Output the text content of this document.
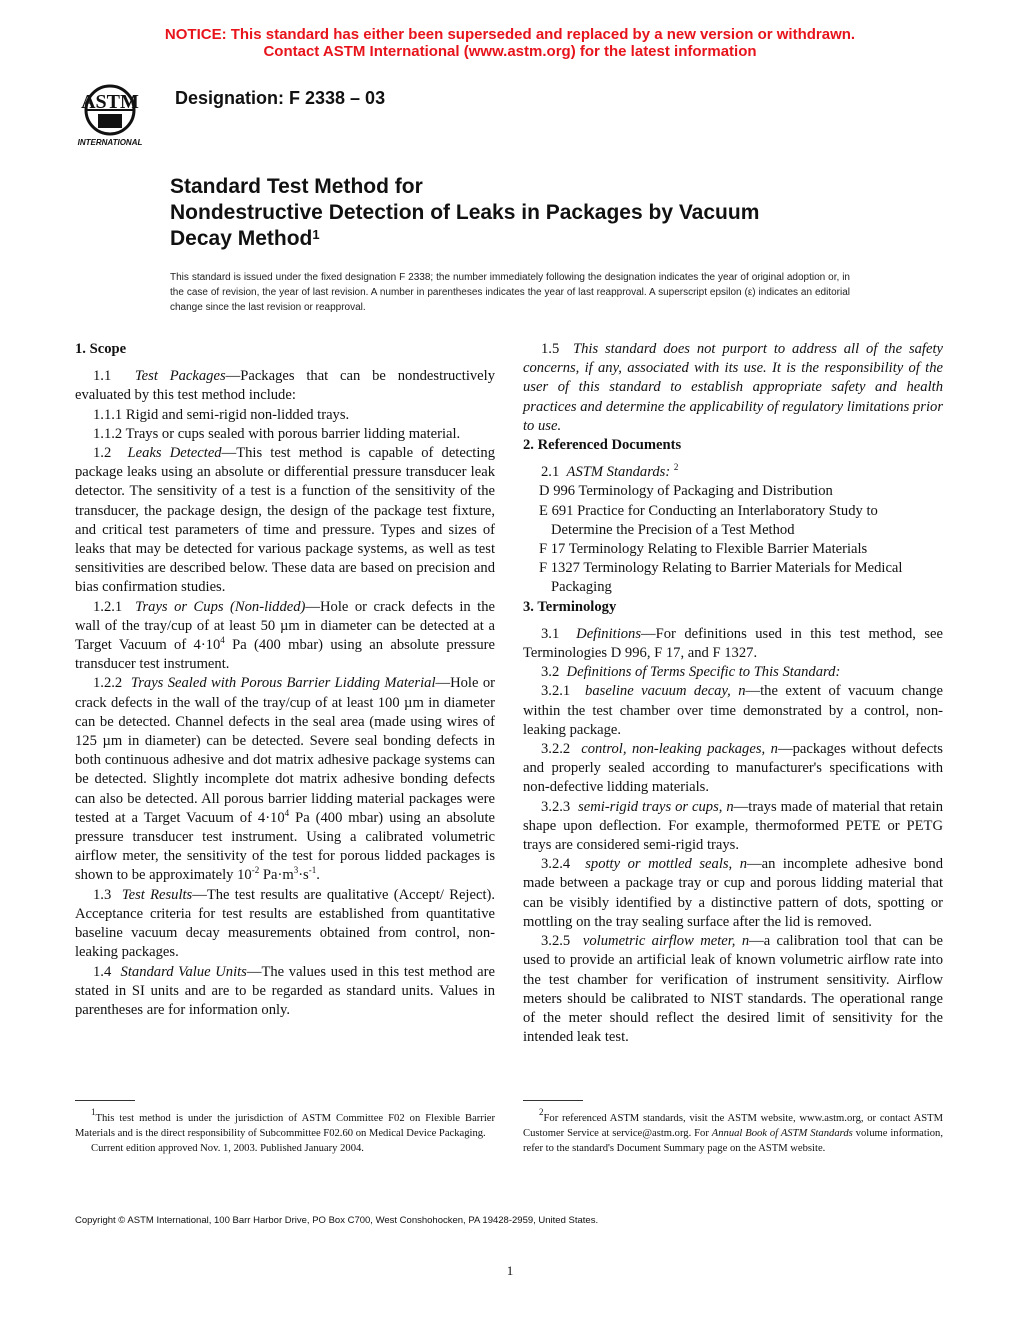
NOTICE: This standard has either been superseded and replaced by a new version or withdrawn.
Contact ASTM International (www.astm.org) for the latest information
ASTM
INTERNATIONAL
Designation: F 2338 – 03
Standard Test Method for
Nondestructive Detection of Leaks in Packages by Vacuum
Decay Method$^1$
This standard is issued under the fixed designation F 2338; the number immediately following the designation indicates the year of original adoption or, in the case of revision, the year of last revision. A number in parentheses indicates the year of last reapproval. A superscript epsilon (ε) indicates an editorial change since the last revision or reapproval.
1. Scope

1.1 Test Packages—Packages that can be nondestructively evaluated by this test method include:

1.1.1 Rigid and semi-rigid non-lidded trays.

1.1.2 Trays or cups sealed with porous barrier lidding material.

1.2 Leaks Detected—This test method is capable of detecting package leaks using an absolute or differential pressure transducer leak detector. The sensitivity of a test is a function of the sensitivity of the transducer, the package design, the design of the package test fixture, and critical test parameters of time and pressure. Types and sizes of leaks that may be detected for various package systems, as well as test sensitivities are described below. These data are based on precision and bias confirmation studies.

1.2.1 Trays or Cups (Non-lidded)—Hole or crack defects in the wall of the tray/cup of at least 50 µm in diameter can be detected at a Target Vacuum of $4\cdot 10^4$ Pa (400 mbar) using an absolute pressure transducer test instrument.

1.2.2 Trays Sealed with Porous Barrier Lidding Material—Hole or crack defects in the wall of the tray/cup of at least 100 µm in diameter can be detected. Channel defects in the seal area (made using wires of 125 µm in diameter) can be detected. Severe seal bonding defects in both continuous adhesive and dot matrix adhesive package systems can be detected. Slightly incomplete dot matrix adhesive bonding defects can also be detected. All porous barrier lidding material packages were tested at a Target Vacuum of $4\cdot 10^4$ Pa (400 mbar) using an absolute pressure transducer test instrument. Using a calibrated volumetric airflow meter, the sensitivity of the test for porous lidded packages is shown to be approximately $10^{-2}$ $Pa\cdot m^3\cdot s^{-1}$.

1.3 Test Results—The test results are qualitative (Accept/ Reject). Acceptance criteria for test results are established from quantitative baseline vacuum decay measurements obtained from control, non-leaking packages.

1.4 Standard Value Units—The values used in this test method are stated in SI units and are to be regarded as standard units. Values in parentheses are for information only.

$^1$This test method is under the jurisdiction of ASTM Committee F02 on Flexible Barrier Materials and is the direct responsibility of Subcommittee F02.60 on Medical Device Packaging.

Current edition approved Nov. 1, 2003. Published January 2004.

1.5 This standard does not purport to address all of the safety concerns, if any, associated with its use. It is the responsibility of the user of this standard to establish appropriate safety and health practices and determine the applicability of regulatory limitations prior to use.

2. Referenced Documents

2.1 ASTM Standards: $^2$

D 996 Terminology of Packaging and Distribution

E 691 Practice for Conducting an Interlaboratory Study to Determine the Precision of a Test Method

F 17 Terminology Relating to Flexible Barrier Materials

F 1327 Terminology Relating to Barrier Materials for Medical Packaging

3. Terminology

3.1 Definitions—For definitions used in this test method, see Terminologies D 996, F 17, and F 1327.

3.2 Definitions of Terms Specific to This Standard:

3.2.1 baseline vacuum decay, n—the extent of vacuum change within the test chamber over time demonstrated by a control, non-leaking package.

3.2.2 control, non-leaking packages, n—packages without defects and properly sealed according to manufacturer's specifications with non-defective lidding materials.

3.2.3 semi-rigid trays or cups, n—trays made of material that retain shape upon deflection. For example, thermoformed PETE or PETG trays are considered semi-rigid trays.

3.2.4 spotty or mottled seals, n—an incomplete adhesive bond made between a package tray or cup and porous lidding material that can be visibly identified by a distinctive pattern of dots, spotting or mottling on the tray sealing surface after the lid is removed.

3.2.5 volumetric airflow meter, n—a calibration tool that can be used to provide an artificial leak of known volumetric airflow rate into the test chamber for verification of instrument sensitivity. Airflow meters should be calibrated to NIST standards. The operational range of the meter should reflect the desired limit of sensitivity for the intended leak test.

$^2$For referenced ASTM standards, visit the ASTM website, www.astm.org, or contact ASTM Customer Service at service@astm.org. For Annual Book of ASTM Standards volume information, refer to the standard's Document Summary page on the ASTM website.

Copyright © ASTM International, 100 Barr Harbor Drive, PO Box C700, West Conshohocken, PA 19428-2959, United States.
1
